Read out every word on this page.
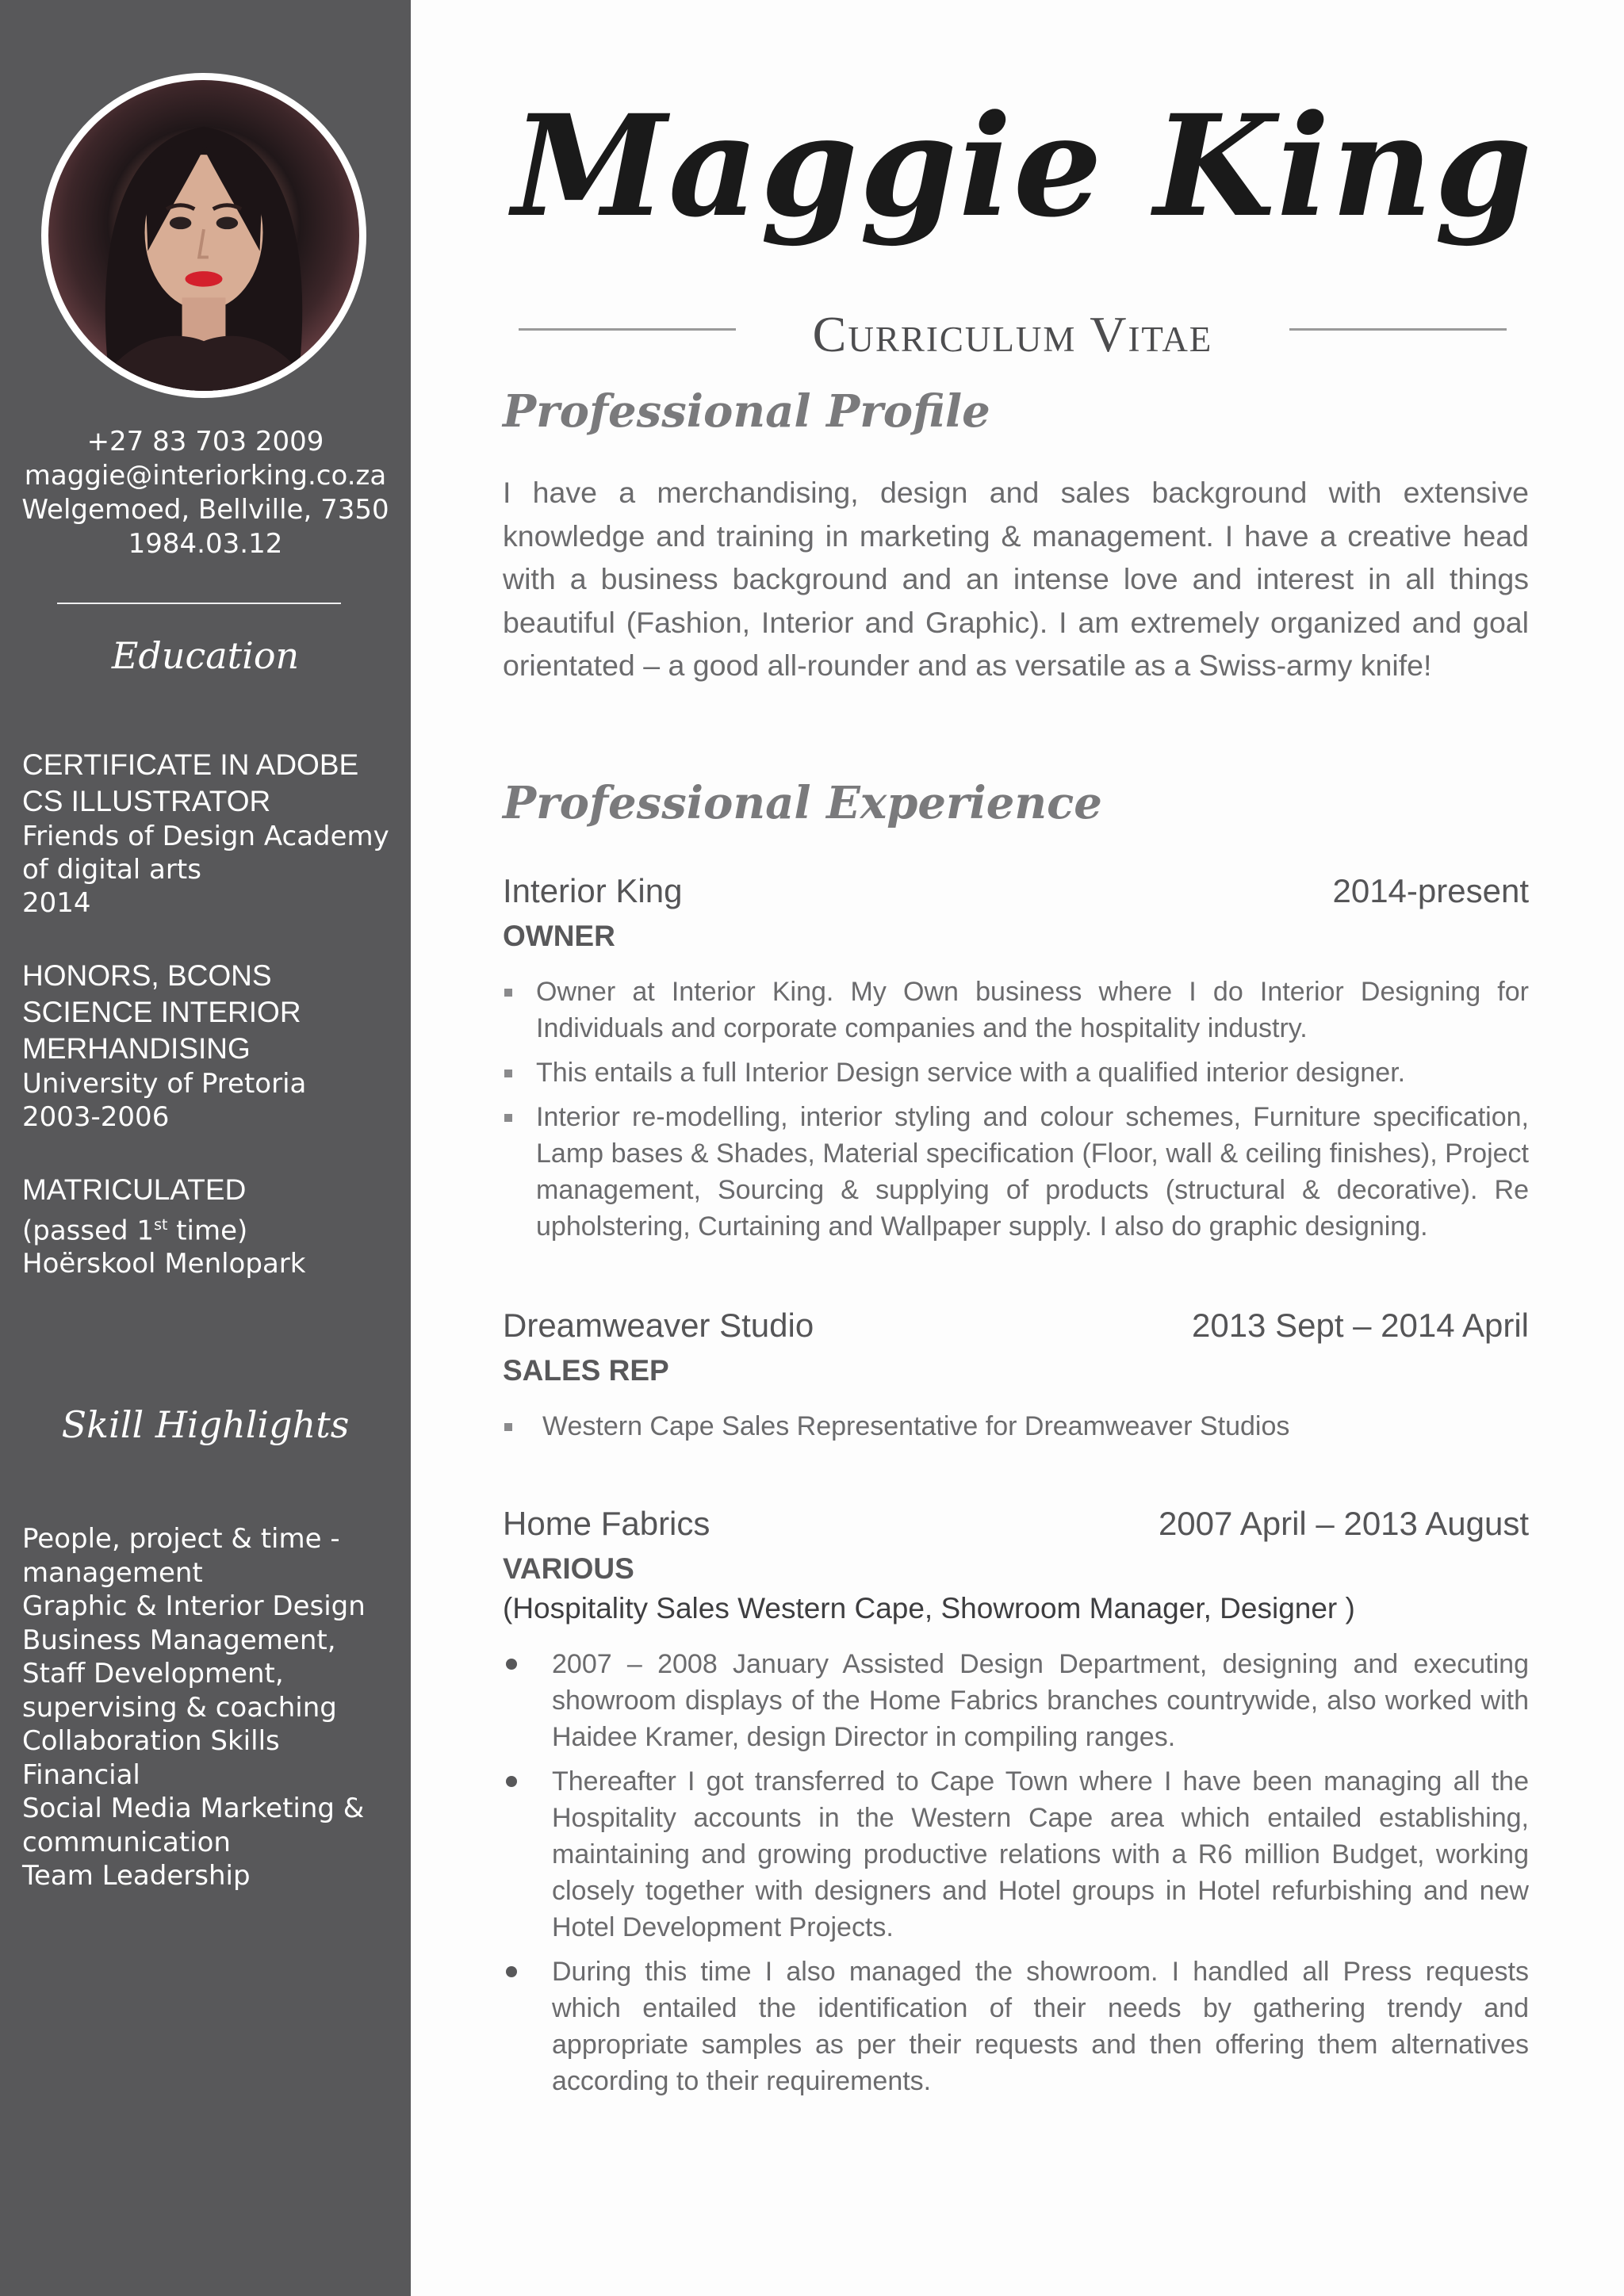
+27 83 703 2009
maggie@interiorking.co.za
Welgemoed, Bellville, 7350
1984.03.12
Education
CERTIFICATE IN ADOBE
CS ILLUSTRATOR
Friends of Design Academy
of digital arts
2014
HONORS, BCONS
SCIENCE INTERIOR
MERHANDISING
University of Pretoria
2003-2006
MATRICULATED
(passed 1st time)
Hoërskool Menlopark
Skill Highlights
People, project & time -
management
Graphic & Interior Design
Business Management,
Staff Development,
supervising & coaching
Collaboration Skills
Financial
Social Media Marketing &
communication
Team Leadership
Maggie King
Curriculum Vitae
Professional Profile

I have a merchandising, design and sales background with extensive knowledge and training in marketing & management. I have a creative head with a business background and an intense love and interest in all things beautiful (Fashion, Interior and Graphic). I am extremely organized and goal orientated – a good all-rounder and as versatile as a Swiss-army knife!

Professional Experience
Interior King	2014-present
OWNER
Owner at Interior King. My Own business where I do Interior Designing for Individuals and corporate companies and the hospitality industry.
This entails a full Interior Design service with a qualified interior designer.
Interior re-modelling, interior styling and colour schemes, Furniture specification, Lamp bases & Shades, Material specification (Floor, wall & ceiling finishes), Project management, Sourcing & supplying of products (structural & decorative). Re upholstering, Curtaining and Wallpaper supply. I also do graphic designing.
Dreamweaver Studio	2013 Sept – 2014 April
SALES REP
Western Cape Sales Representative for Dreamweaver Studios
Home Fabrics	2007 April – 2013 August
VARIOUS
(Hospitality Sales Western Cape, Showroom Manager, Designer )
2007 – 2008 January Assisted Design Department, designing and executing showroom displays of the Home Fabrics branches countrywide, also worked with Haidee Kramer, design Director in compiling ranges.
Thereafter I got transferred to Cape Town where I have been managing all the Hospitality accounts in the Western Cape area which entailed establishing, maintaining and growing productive relations with a R6 million Budget, working closely together with designers and Hotel groups in Hotel refurbishing and new Hotel Development Projects.
During this time I also managed the showroom. I handled all Press requests which entailed the identification of their needs by gathering trendy and appropriate samples as per their requests and then offering them alternatives according to their requirements.
